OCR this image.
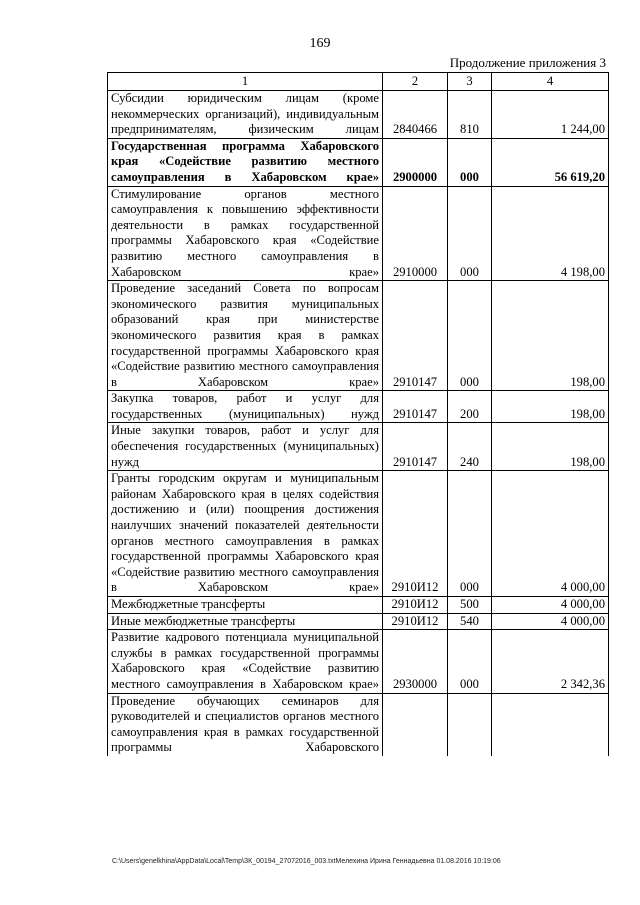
169
Продолжение приложения 3
1	2	3	4
Субсидии юридическим лицам (кроме некоммерческих организаций), индивидуальным предпринимателям, физическим лицам	2840466	810	1 244,00
Государственная программа Хабаровского края «Содействие развитию местного самоуправления в Хабаровском крае»	2900000	000	56 619,20
Стимулирование органов местного самоуправления к повышению эффективности деятельности в рамках государственной программы Хабаровского края «Содействие развитию местного самоуправления в Хабаровском крае»	2910000	000	4 198,00
Проведение заседаний Совета по вопросам экономического развития муниципальных образований края при министерстве экономического развития края в рамках государственной программы Хабаровского края «Содействие развитию местного самоуправления в Хабаровском крае»	2910147	000	198,00
Закупка товаров, работ и услуг для государственных (муниципальных) нужд	2910147	200	198,00
Иные закупки товаров, работ и услуг для обеспечения государственных (муниципальных) нужд	2910147	240	198,00
Гранты городским округам и муниципальным районам Хабаровского края в целях содействия достижению и (или) поощрения достижения наилучших значений показателей деятельности органов местного самоуправления в рамках государственной программы Хабаровского края «Содействие развитию местного самоуправления в Хабаровском крае»	2910И12	000	4 000,00
Межбюджетные трансферты	2910И12	500	4 000,00
Иные межбюджетные трансферты	2910И12	540	4 000,00
Развитие кадрового потенциала муниципальной службы в рамках государственной программы Хабаровского края «Содействие развитию местного самоуправления в Хабаровском крае»	2930000	000	2 342,36
Проведение обучающих семинаров для руководителей и специалистов органов местного самоуправления края в рамках государственной программы Хабаровского			
C:\Users\genelkhina\AppData\Local\Temp\ЗК_00194_27072016_003.txtМелехина Ирина Геннадьевна 01.08.2016 10:19:06
